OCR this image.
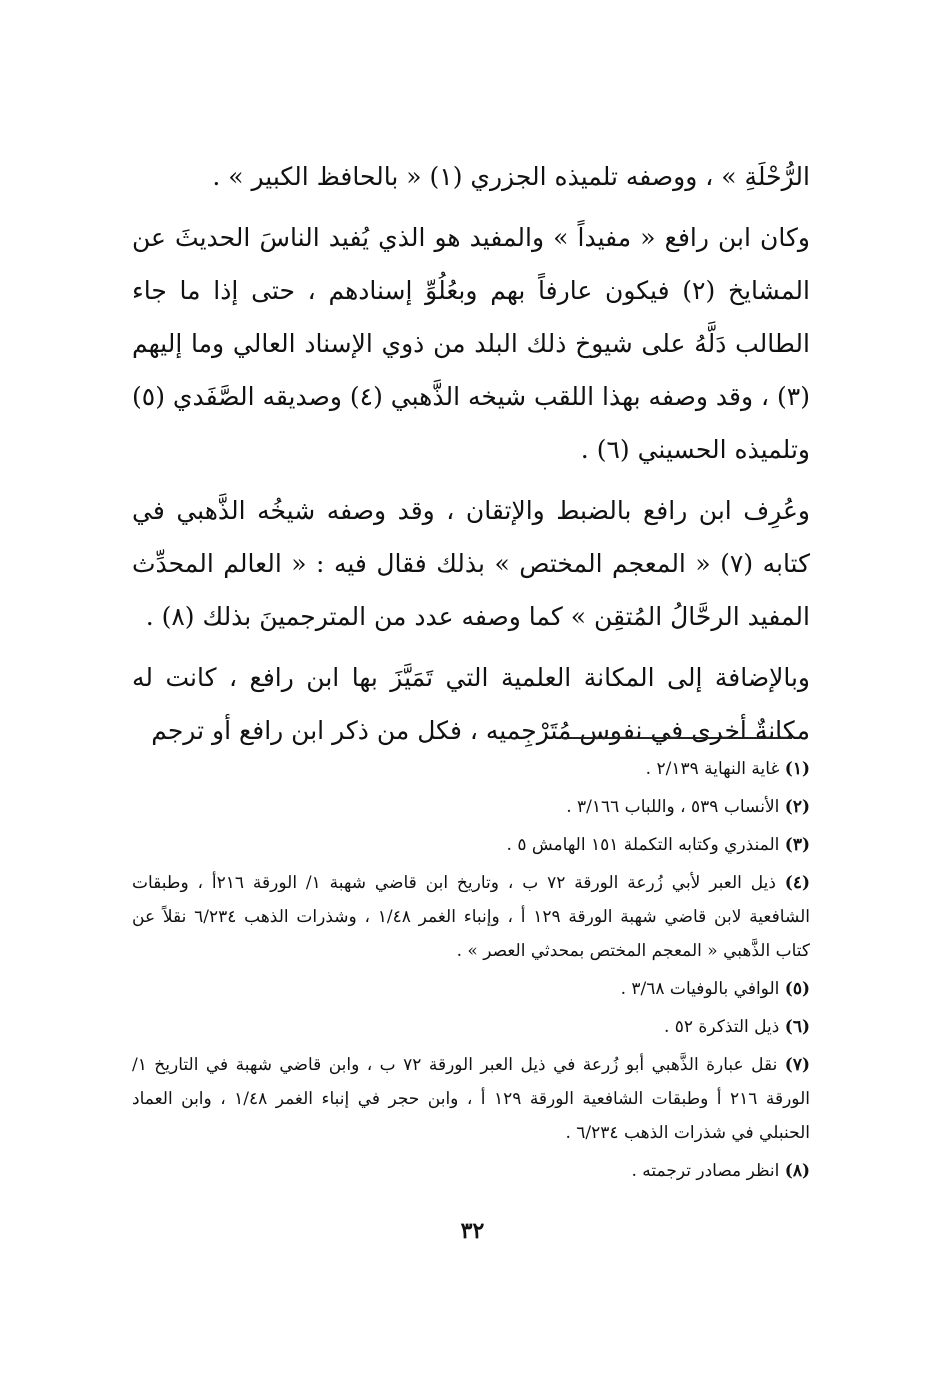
الرُّحْلَةِ » ، ووصفه تلميذه الجزري (١) « بالحافظ الكبير » .

وكان ابن رافع « مفيداً » والمفيد هو الذي يُفيد الناسَ الحديثَ عن المشايخ (٢) فيكون عارفاً بهم وبعُلُوِّ إسنادهم ، حتى إذا ما جاء الطالب دَلَّهُ على شيوخ ذلك البلد من ذوي الإسناد العالي وما إليهم (٣) ، وقد وصفه بهذا اللقب شيخه الذَّهبي (٤) وصديقه الصَّفَدي (٥) وتلميذه الحسيني (٦) .

وعُرِف ابن رافع بالضبط والإتقان ، وقد وصفه شيخُه الذَّهبي في كتابه (٧) « المعجم المختص » بذلك فقال فيه : « العالم المحدِّث المفيد الرحَّالُ المُتقِن » كما وصفه عدد من المترجمينَ بذلك (٨) .

وبالإضافة إلى المكانة العلمية التي تَمَيَّزَ بها ابن رافع ، كانت له مكانةٌ أخرى في نفوس مُتَرْجِميه ، فكل من ذكر ابن رافع أو ترجم

(١) غاية النهاية ٢/١٣٩ .

(٢) الأنساب ٥٣٩ ، واللباب ٣/١٦٦ .

(٣) المنذري وكتابه التكملة ١٥١ الهامش ٥ .

(٤) ذيل العبر لأبي زُرعة الورقة ٧٢ ب ، وتاريخ ابن قاضي شهبة ١/ الورقة ٢١٦أ ، وطبقات الشافعية لابن قاضي شهبة الورقة ١٢٩ أ ، وإنباء الغمر ١/٤٨ ، وشذرات الذهب ٦/٢٣٤ نقلاً عن كتاب الذَّهبي « المعجم المختص بمحدثي العصر » .

(٥) الوافي بالوفيات ٣/٦٨ .

(٦) ذيل التذكرة ٥٢ .

(٧) نقل عبارة الذَّهبي أبو زُرعة في ذيل العبر الورقة ٧٢ ب ، وابن قاضي شهبة في التاريخ ١/ الورقة ٢١٦ أ وطبقات الشافعية الورقة ١٢٩ أ ، وابن حجر في إنباء الغمر ١/٤٨ ، وابن العماد الحنبلي في شذرات الذهب ٦/٢٣٤ .

(٨) انظر مصادر ترجمته .

٣٢
